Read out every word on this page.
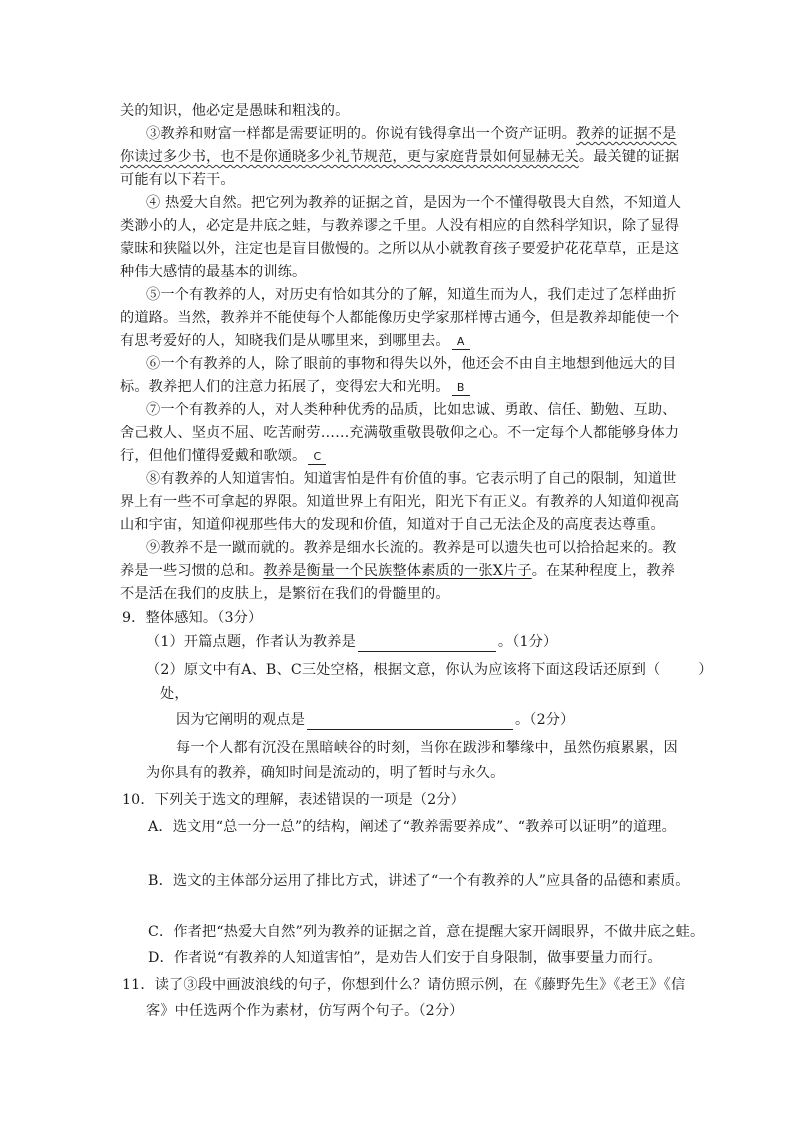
关的知识，他必定是愚昧和粗浅的。
③教养和财富一样都是需要证明的。你说有钱得拿出一个资产证明。教养的证据不是
你读过多少书，也不是你通晓多少礼节规范，更与家庭背景如何显赫无关。最关键的证据
可能有以下若干。
④ 热爱大自然。把它列为教养的证据之首，是因为一个不懂得敬畏大自然，不知道人
类渺小的人，必定是井底之蛙，与教养谬之千里。人没有相应的自然科学知识，除了显得
蒙昧和狭隘以外，注定也是盲目傲慢的。之所以从小就教育孩子要爱护花花草草，正是这
种伟大感情的最基本的训练。
⑤一个有教养的人，对历史有恰如其分的了解，知道生而为人，我们走过了怎样曲折
的道路。当然，教养并不能使每个人都能像历史学家那样博古通今，但是教养却能使一个
有思考爱好的人，知晓我们是从哪里来，到哪里去。 A
⑥一个有教养的人，除了眼前的事物和得失以外，他还会不由自主地想到他远大的目
标。教养把人们的注意力拓展了，变得宏大和光明。 B
⑦一个有教养的人，对人类种种优秀的品质，比如忠诚、勇敢、信任、勤勉、互助、
舍己救人、坚贞不屈、吃苦耐劳……充满敬重敬畏敬仰之心。不一定每个人都能够身体力
行，但他们懂得爱戴和歌颂。 C
⑧有教养的人知道害怕。知道害怕是件有价值的事。它表示明了自己的限制，知道世
界上有一些不可拿起的界限。知道世界上有阳光，阳光下有正义。有教养的人知道仰视高
山和宇宙，知道仰视那些伟大的发现和价值，知道对于自己无法企及的高度表达尊重。
⑨教养不是一蹴而就的。教养是细水长流的。教养是可以遗失也可以拾拾起来的。教
养是一些习惯的总和。教养是衡量一个民族整体素质的一张X片子。在某种程度上，教养
不是活在我们的皮肤上，是繁衍在我们的骨髓里的。
9．整体感知。（3分）
（1）开篇点题，作者认为教养是	。（1分）
（2）原文中有A、B、C三处空格，根据文意，你认为应该将下面这段话还原到（	）
处，
因为它阐明的观点是	。（2分）
每一个人都有沉没在黑暗峡谷的时刻，当你在跋涉和攀缘中，虽然伤痕累累，因
为你具有的教养，确知时间是流动的，明了暂时与永久。
10．下列关于选文的理解，表述错误的一项是（2分）
A．选文用“总一分一总”的结构，阐述了“教养需要养成”、“教养可以证明”的道理。
B．选文的主体部分运用了排比方式，讲述了“一个有教养的人”应具备的品德和素质。
C．作者把“热爱大自然”列为教养的证据之首，意在提醒大家开阔眼界，不做井底之蛙。
D．作者说“有教养的人知道害怕”，是劝告人们安于自身限制，做事要量力而行。
11．读了③段中画波浪线的句子，你想到什么？请仿照示例，在《藤野先生》《老王》《信
客》中任选两个作为素材，仿写两个句子。（2分）
